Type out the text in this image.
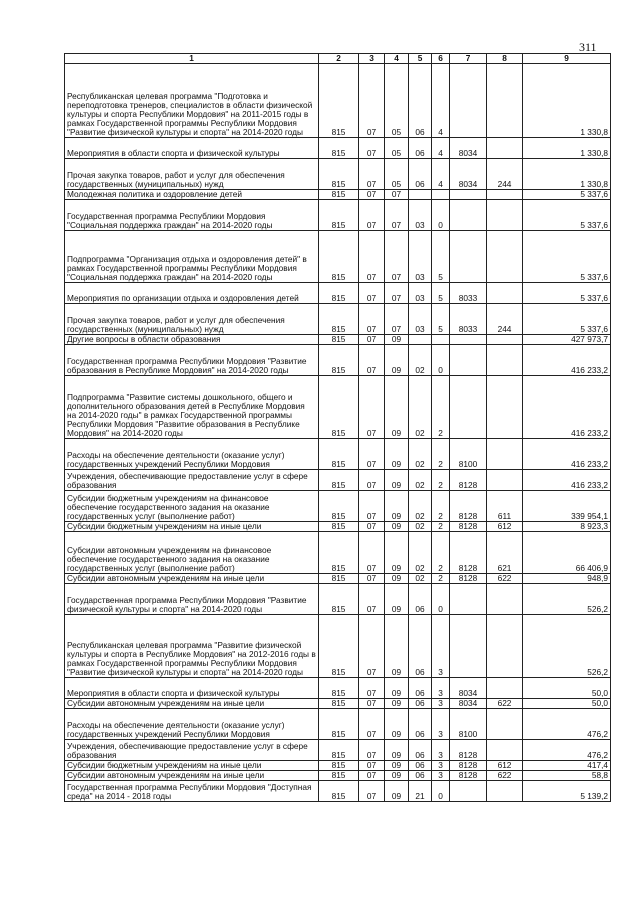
311
1	2	3	4	5	6	7	8	9
Республиканская целевая программа "Подготовка и переподготовка тренеров, специалистов в области физической культуры и спорта Республики Мордовия" на 2011-2015 годы в рамках Государственной программы Республики Мордовия "Развитие физической культуры и спорта" на 2014-2020 годы	815	07	05	06	4			1 330,8
Мероприятия в области спорта и физической культуры	815	07	05	06	4	8034		1 330,8
Прочая закупка товаров, работ и услуг для обеспечения государственных (муниципальных) нужд	815	07	05	06	4	8034	244	1 330,8
Молодежная политика и оздоровление детей	815	07	07					5 337,6
Государственная программа Республики Мордовия "Социальная поддержка граждан" на 2014-2020 годы	815	07	07	03	0			5 337,6
Подпрограмма "Организация отдыха и оздоровления детей" в рамках Государственной программы Республики Мордовия "Социальная поддержка граждан" на 2014-2020 годы	815	07	07	03	5			5 337,6
Мероприятия по организации отдыха и оздоровления детей	815	07	07	03	5	8033		5 337,6
Прочая закупка товаров, работ и услуг для обеспечения государственных (муниципальных) нужд	815	07	07	03	5	8033	244	5 337,6
Другие вопросы в области образования	815	07	09					427 973,7
Государственная программа Республики Мордовия "Развитие образования в Республике Мордовия" на 2014-2020 годы	815	07	09	02	0			416 233,2
Подпрограмма "Развитие системы дошкольного, общего и дополнительного образования детей в Республике Мордовия на 2014-2020 годы" в рамках Государственной программы Республики Мордовия "Развитие образования в Республике Мордовия" на 2014-2020 годы	815	07	09	02	2			416 233,2
Расходы на обеспечение деятельности (оказание услуг) государственных учреждений Республики Мордовия	815	07	09	02	2	8100		416 233,2
Учреждения, обеспечивающие предоставление услуг в сфере образования	815	07	09	02	2	8128		416 233,2
Субсидии бюджетным учреждениям на финансовое обеспечение государственного задания на оказание государственных услуг (выполнение работ)	815	07	09	02	2	8128	611	339 954,1
Субсидии бюджетным учреждениям на иные цели	815	07	09	02	2	8128	612	8 923,3
Субсидии автономным учреждениям на финансовое обеспечение государственного задания на оказание государственных услуг (выполнение работ)	815	07	09	02	2	8128	621	66 406,9
Субсидии автономным учреждениям на иные цели	815	07	09	02	2	8128	622	948,9
Государственная программа Республики Мордовия "Развитие физической культуры и спорта" на 2014-2020 годы	815	07	09	06	0			526,2
Республиканская целевая программа "Развитие физической культуры и спорта в Республике Мордовия" на 2012-2016 годы в рамках Государственной программы Республики Мордовия "Развитие физической культуры и спорта" на 2014-2020 годы	815	07	09	06	3			526,2
Мероприятия в области спорта и физической культуры	815	07	09	06	3	8034		50,0
Субсидии автономным учреждениям на иные цели	815	07	09	06	3	8034	622	50,0
Расходы на обеспечение деятельности (оказание услуг) государственных учреждений Республики Мордовия	815	07	09	06	3	8100		476,2
Учреждения, обеспечивающие предоставление услуг в сфере образования	815	07	09	06	3	8128		476,2
Субсидии бюджетным учреждениям на иные цели	815	07	09	06	3	8128	612	417,4
Субсидии автономным учреждениям на иные цели	815	07	09	06	3	8128	622	58,8
Государственная программа Республики Мордовия "Доступная среда" на 2014 - 2018 годы	815	07	09	21	0			5 139,2
